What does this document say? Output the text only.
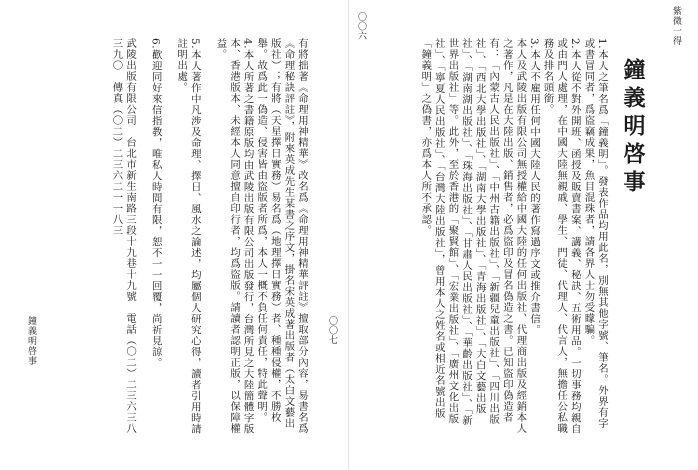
紫微一得
〇〇六

鐘義明啓事

1.本人之筆名爲「鐘義明」。發表作品均用此名，別無其他字號、筆名。外界有字或書冒同者，爲盜竊成果，魚目混珠者，請各界人士勿受矇騙。

2.本人從不對外開班、函授及販賣書案、講義、秘訣、五術用品。一切事務均親自或由門人處理，在中國大陸無親戚、學生、門徒、代理人、代言人，無擔任公私職務及排名頭銜。

3.本人不雇用任何中國大陸人民的著作寫過序文或推介書信。

本人及武陵出版有限公司無授權給中國大陸的任何出版社、代理商出版及經銷本人之著作，凡是在大陸出版、銷售者，必爲盜印及冒名偽造之書。已知盜印偽造者有：「內蒙古人民出版社」、「中州古籍出版社」、「新疆兒童出版社」、「四川出版社」、「西北大學出版社」、「湖南大學出版社」、「青海出版社」、「大白文藝出版社」、「湖南湖出版社」、「珠海出版社」、「甘肅人民出版社」、「華齡出版社」、「新世界出版社」等。此外，至於香港的「聚賢館」、「宏業出版社」、「廣州文化出版社」、「寧夏人民出版社」、「台灣大陸出版社」，曾用本人之姓名或相近名號出版「鐘義明」之偽書，亦爲本人所不承認。

鐘義明啓事	〇〇七

有將拙著《命理用神精華》改名爲《命理用神精華評註》擅取部分內容，易書名爲《命理秘訣評註》，附來英成先生某書之序文，掛名宋英成著出版者（太白文藝出版社）；有將（天星擇日實務）易名爲（地理擇日實務）者、種種侵權，不勝枚舉。故爲此一偽造、侵害皆由盜版者所爲，本人一概不負任何責任，特此聲明。

4.本人所著之書籍原版均由武陵出版有限公司出版發行，台灣所見之大陸簡體字版本、香港版本、未經本人同意擅自印行者，均爲盜版。請讀者認明正版，以保障權益。

5.本人著作中凡涉及命理、擇日、風水之論述，均屬個人研究心得，讀者引用時請註明出處。

6.歡迎同好來信指教，唯私人時間有限，恕不一一回覆，尚祈見諒。

武陵出版有限公司　台北市新生南路三段十九巷十九號　電話（〇二）二三六三八三九〇　傳真（〇二）二三六二一一八三
